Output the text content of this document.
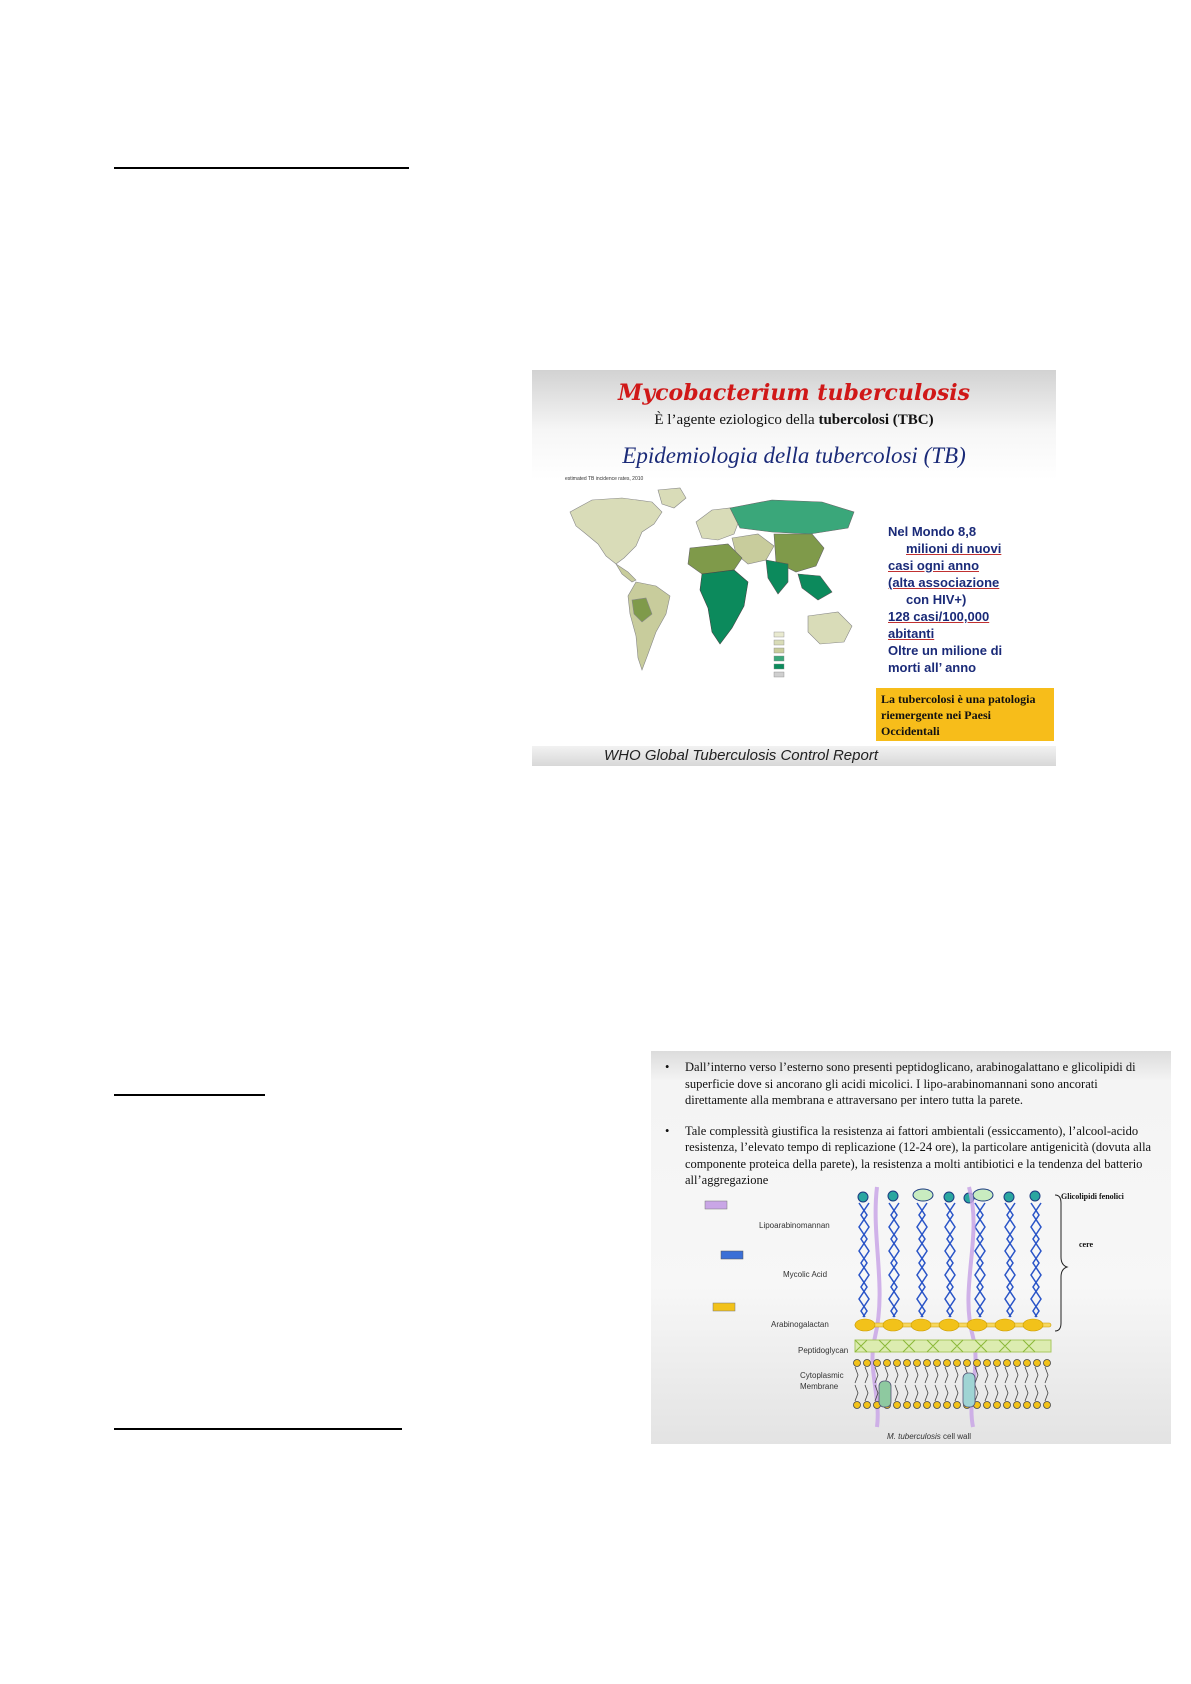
Mycobacterium tuberculosis
È l’agente eziologico della tubercolosi (TBC)
Epidemiologia della tubercolosi (TB)
estimated TB incidence rates, 2010
Nel Mondo 8,8
milioni di nuovi
casi ogni anno
(alta associazione
con HIV+)
128 casi/100,000
abitanti
Oltre un milione di
morti all’ anno
La tubercolosi è una patologia riemergente nei Paesi Occidentali
WHO Global Tuberculosis Control Report
• Dall’interno verso l’esterno sono presenti peptidoglicano, arabinogalattano e glicolipidi di superficie dove si ancorano gli acidi micolici. I lipo-arabinomannani sono ancorati direttamente alla membrana e attraversano per intero tutta la parete.
• Tale complessità giustifica la resistenza ai fattori ambientali (essiccamento), l’alcool-acido resistenza, l’elevato tempo di replicazione (12-24 ore), la particolare antigenicità (dovuta alla componente proteica della parete), la resistenza a molti antibiotici e la tendenza del batterio all’aggregazione
Lipoarabinomannan
Mycolic Acid
Arabinogalactan
Peptidoglycan
Cytoplasmic
Membrane
Glicolipidi fenolici
cere
M. tuberculosis cell wall
